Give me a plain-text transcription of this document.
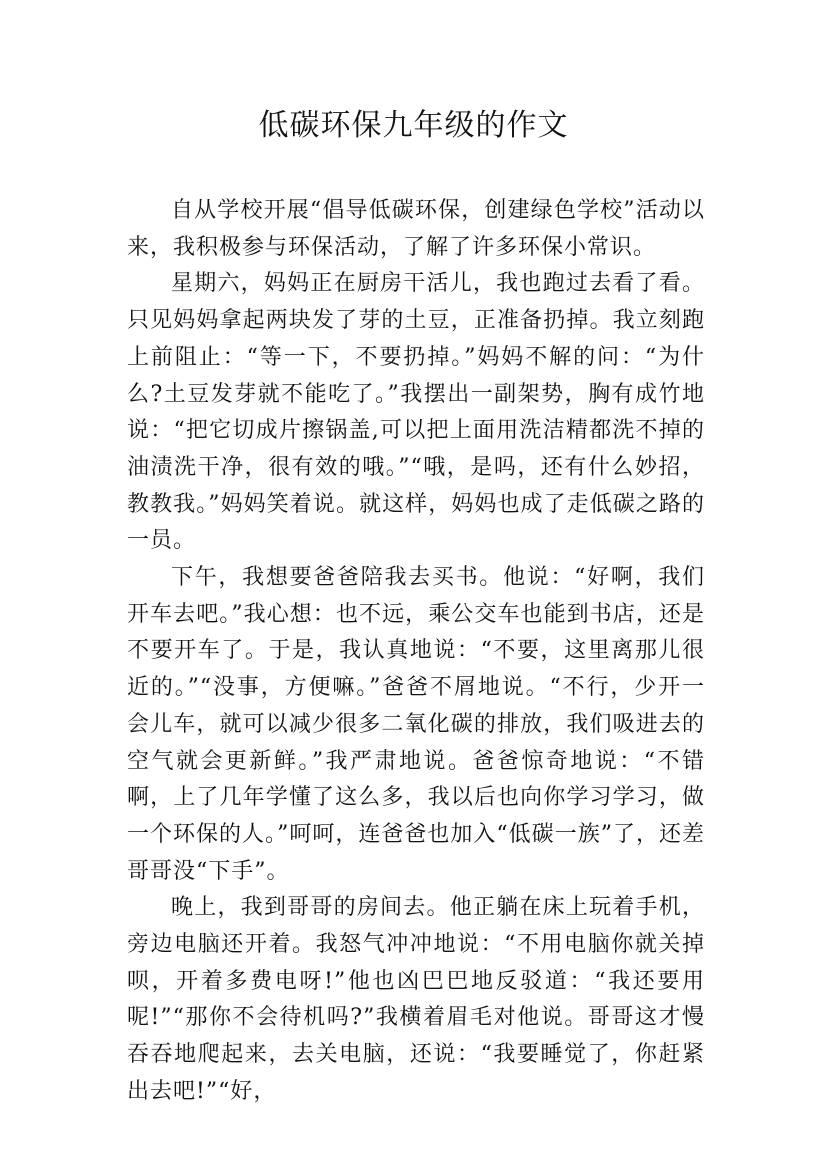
低碳环保九年级的作文

自从学校开展“倡导低碳环保，创建绿色学校”活动以来，我积极参与环保活动，了解了许多环保小常识。

星期六，妈妈正在厨房干活儿，我也跑过去看了看。只见妈妈拿起两块发了芽的土豆，正准备扔掉。我立刻跑上前阻止：“等一下，不要扔掉。”妈妈不解的问：“为什么?土豆发芽就不能吃了。”我摆出一副架势，胸有成竹地说：“把它切成片擦锅盖,可以把上面用洗洁精都洗不掉的油渍洗干净，很有效的哦。”“哦，是吗，还有什么妙招，教教我。”妈妈笑着说。就这样，妈妈也成了走低碳之路的一员。

下午，我想要爸爸陪我去买书。他说：“好啊，我们开车去吧。”我心想：也不远，乘公交车也能到书店，还是不要开车了。于是，我认真地说：“不要，这里离那儿很近的。”“没事，方便嘛。”爸爸不屑地说。“不行，少开一会儿车，就可以减少很多二氧化碳的排放，我们吸进去的空气就会更新鲜。”我严肃地说。爸爸惊奇地说：“不错啊，上了几年学懂了这么多，我以后也向你学习学习，做一个环保的人。”呵呵，连爸爸也加入“低碳一族”了，还差哥哥没“下手”。

晚上，我到哥哥的房间去。他正躺在床上玩着手机，旁边电脑还开着。我怒气冲冲地说：“不用电脑你就关掉呗，开着多费电呀!”他也凶巴巴地反驳道：“我还要用呢!”“那你不会待机吗?”我横着眉毛对他说。哥哥这才慢吞吞地爬起来，去关电脑，还说：“我要睡觉了，你赶紧出去吧!”“好，
